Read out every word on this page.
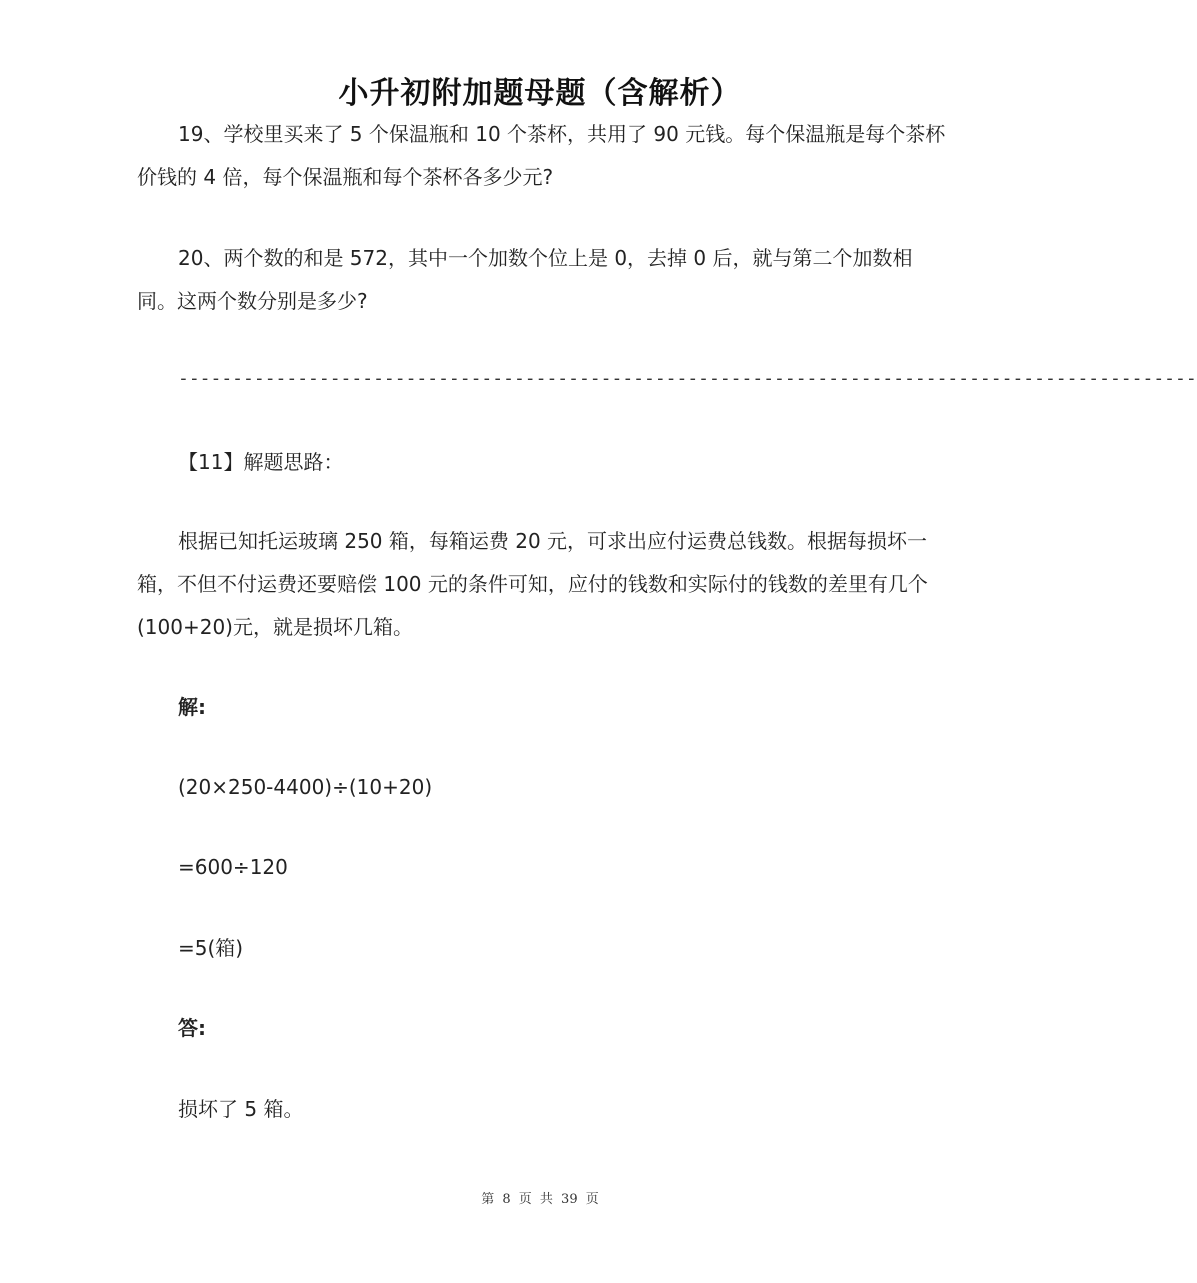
小升初附加题母题（含解析）

19、学校里买来了 5 个保温瓶和 10 个茶杯，共用了 90 元钱。每个保温瓶是每个茶杯价钱的 4 倍，每个保温瓶和每个茶杯各多少元?

20、两个数的和是 572，其中一个加数个位上是 0，去掉 0 后，就与第二个加数相同。这两个数分别是多少?

----------------------------------------------------------------------------------------------
【11】解题思路：

根据已知托运玻璃 250 箱，每箱运费 20 元，可求出应付运费总钱数。根据每损坏一箱，不但不付运费还要赔偿 100 元的条件可知，应付的钱数和实际付的钱数的差里有几个(100+20)元，就是损坏几箱。

解:
(20×250-4400)÷(10+20)
=600÷120
=5(箱)
答:
损坏了 5 箱。
第 8 页 共 39 页
